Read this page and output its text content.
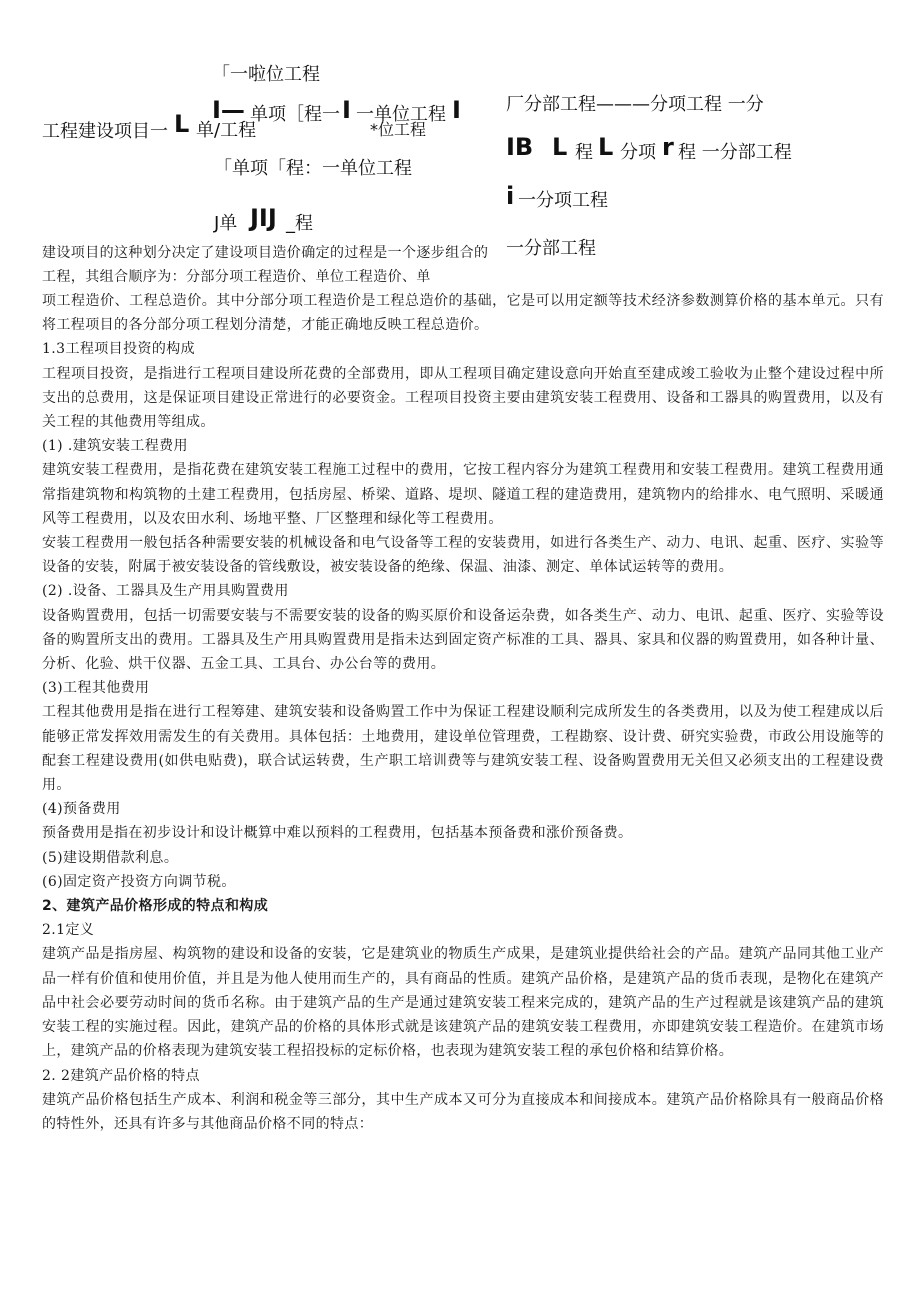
「一啦位工程
I— 单项［程一 I 一单位工程 I
工程建设项目一 L 单/工程	*位工程
「单项「程：一单位工程
J单 JIJ _程
厂分部工程———分项工程 一分
IB L 程 L 分项 r 程 一分部工程
i 一分项工程
一分部工程
建设项目的这种划分决定了建设项目造价确定的过程是一个逐步组合的工程，其组合顺序为：分部分项工程造价、单位工程造价、单

项工程造价、工程总造价。其中分部分项工程造价是工程总造价的基础，它是可以用定额等技术经济参数测算价格的基本单元。只有将工程项目的各分部分项工程划分清楚，才能正确地反映工程总造价。

1.3工程项目投资的构成

工程项目投资，是指进行工程项目建设所花费的全部费用，即从工程项目确定建设意向开始直至建成竣工验收为止整个建设过程中所支出的总费用，这是保证项目建设正常进行的必要资金。工程项目投资主要由建筑安装工程费用、设备和工器具的购置费用，以及有关工程的其他费用等组成。

(1) .建筑安装工程费用

建筑安装工程费用，是指花费在建筑安装工程施工过程中的费用，它按工程内容分为建筑工程费用和安装工程费用。建筑工程费用通常指建筑物和构筑物的土建工程费用，包括房屋、桥梁、道路、堤坝、隧道工程的建造费用，建筑物内的给排水、电气照明、采暖通风等工程费用，以及农田水利、场地平整、厂区整理和绿化等工程费用。

安装工程费用一般包括各种需要安装的机械设备和电气设备等工程的安装费用，如进行各类生产、动力、电讯、起重、医疗、实验等设备的安装，附属于被安装设备的管线敷设，被安装设备的绝缘、保温、油漆、测定、单体试运转等的费用。

(2) .设备、工器具及生产用具购置费用

设备购置费用，包括一切需要安装与不需要安装的设备的购买原价和设备运杂费，如各类生产、动力、电讯、起重、医疗、实验等设备的购置所支出的费用。工器具及生产用具购置费用是指未达到固定资产标准的工具、器具、家具和仪器的购置费用，如各种计量、分析、化验、烘干仪器、五金工具、工具台、办公台等的费用。

(3)工程其他费用

工程其他费用是指在进行工程筹建、建筑安装和设备购置工作中为保证工程建设顺利完成所发生的各类费用，以及为使工程建成以后能够正常发挥效用需发生的有关费用。具体包括：土地费用，建设单位管理费，工程勘察、设计费、研究实验费，市政公用设施等的配套工程建设费用(如供电贴费)，联合试运转费，生产职工培训费等与建筑安装工程、设备购置费用无关但又必须支出的工程建设费用。

(4)预备费用

预备费用是指在初步设计和设计概算中难以预料的工程费用，包括基本预备费和涨价预备费。

(5)建设期借款利息。

(6)固定资产投资方向调节税。

2、建筑产品价格形成的特点和构成

2.1定义

建筑产品是指房屋、构筑物的建设和设备的安装，它是建筑业的物质生产成果，是建筑业提供给社会的产品。建筑产品同其他工业产品一样有价值和使用价值，并且是为他人使用而生产的，具有商品的性质。建筑产品价格，是建筑产品的货币表现，是物化在建筑产品中社会必要劳动时间的货币名称。由于建筑产品的生产是通过建筑安装工程来完成的，建筑产品的生产过程就是该建筑产品的建筑安装工程的实施过程。因此，建筑产品的价格的具体形式就是该建筑产品的建筑安装工程费用，亦即建筑安装工程造价。在建筑市场上，建筑产品的价格表现为建筑安装工程招投标的定标价格，也表现为建筑安装工程的承包价格和结算价格。

2. 2建筑产品价格的特点

建筑产品价格包括生产成本、利润和税金等三部分，其中生产成本又可分为直接成本和间接成本。建筑产品价格除具有一般商品价格的特性外，还具有许多与其他商品价格不同的特点：
